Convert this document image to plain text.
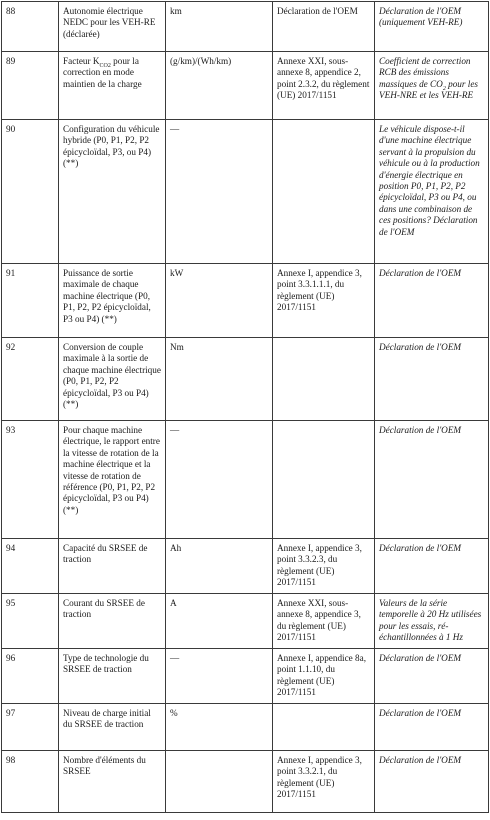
88	Autonomie électrique NEDC pour les VEH-RE (déclarée)	km	Déclaration de l'OEM	Déclaration de l'OEM (uniquement VEH-RE)
89	Facteur $K_{CO2}$ pour la correction en mode maintien de la charge	(g/km)/(Wh/km)	Annexe XXI, sous-annexe 8, appendice 2, point 2.3.2, du règlement (UE) 2017/1151	Coefficient de correction RCB des émissions massiques de $CO_2$ pour les VEH-NRE et les VEH-RE
90	Configuration du véhicule hybride (P0, P1, P2, P2 épicycloïdal, P3, ou P4) (**)	—		Le véhicule dispose-t-il d'une machine électrique servant à la propulsion du véhicule ou à la production d'énergie électrique en position P0, P1, P2, P2 épicycloïdal, P3 ou P4, ou dans une combinaison de ces positions? Déclaration de l'OEM
91	Puissance de sortie maximale de chaque machine électrique (P0, P1, P2, P2 épicycloïdal, P3 ou P4) (**)	kW	Annexe I, appendice 3, point 3.3.1.1.1, du règlement (UE) 2017/1151	Déclaration de l'OEM
92	Conversion de couple maximale à la sortie de chaque machine électrique (P0, P1, P2, P2 épicycloïdal, P3 ou P4) (**)	Nm		Déclaration de l'OEM
93	Pour chaque machine électrique, le rapport entre la vitesse de rotation de la machine électrique et la vitesse de rotation de référence (P0, P1, P2, P2 épicycloïdal, P3 ou P4) (**)	—		Déclaration de l'OEM
94	Capacité du SRSEE de traction	Ah	Annexe I, appendice 3, point 3.3.2.3, du règlement (UE) 2017/1151	Déclaration de l'OEM
95	Courant du SRSEE de traction	A	Annexe XXI, sous-annexe 8, appendice 3, du règlement (UE) 2017/1151	Valeurs de la série temporelle à 20 Hz utilisées pour les essais, ré-échantillonnées à 1 Hz
96	Type de technologie du SRSEE de traction	—	Annexe I, appendice 8a, point 1.1.10, du règlement (UE) 2017/1151	Déclaration de l'OEM
97	Niveau de charge initial du SRSEE de traction	%		Déclaration de l'OEM
98	Nombre d'éléments du SRSEE		Annexe I, appendice 3, point 3.3.2.1, du règlement (UE) 2017/1151	Déclaration de l'OEM
